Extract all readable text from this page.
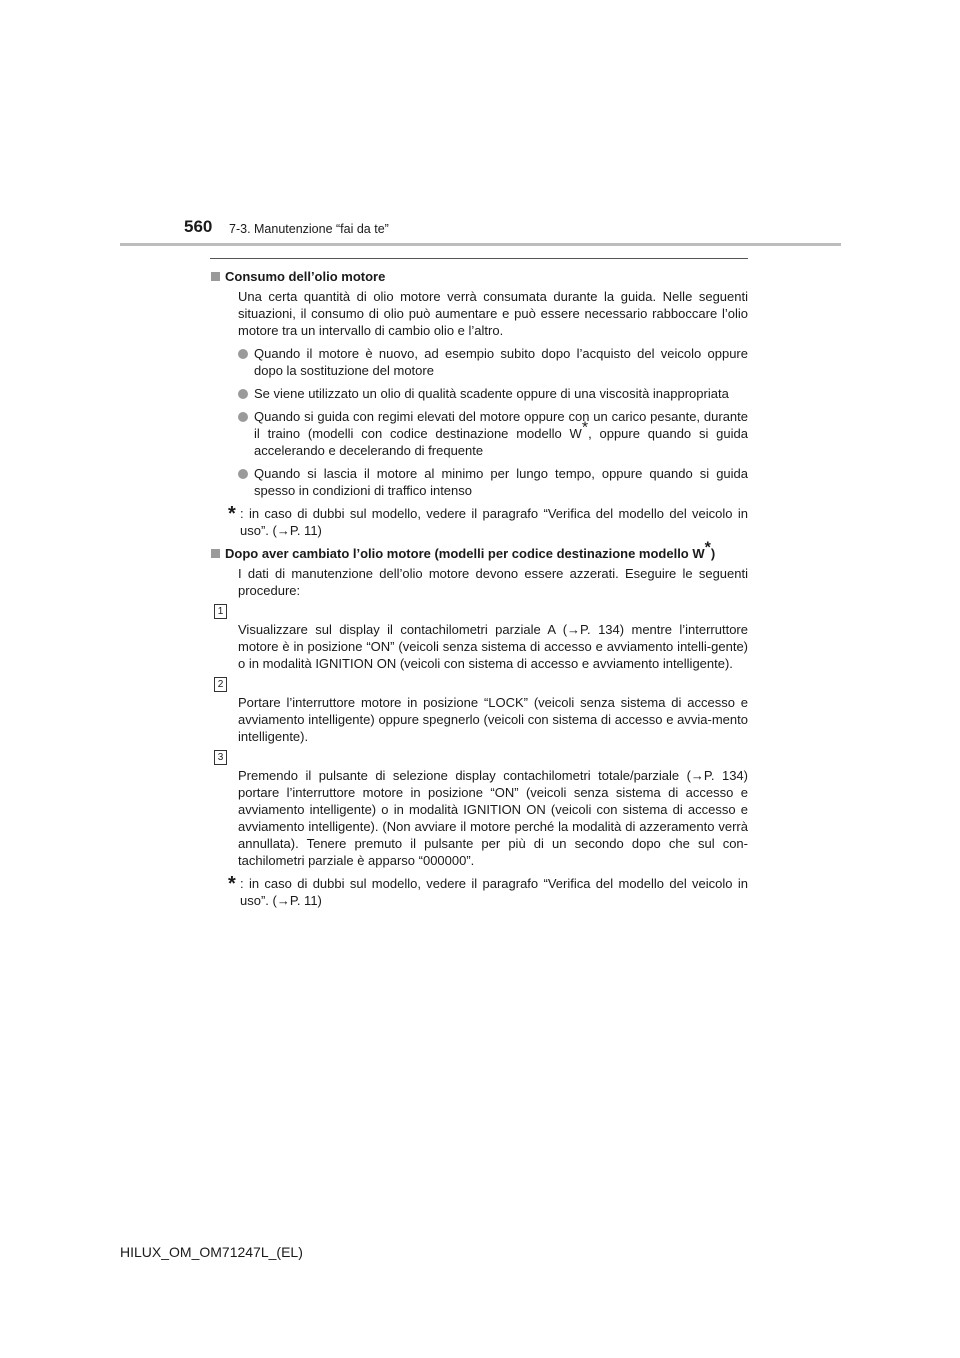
560 7-3. Manutenzione “fai da te”
Consumo dell’olio motore

Una certa quantità di olio motore verrà consumata durante la guida. Nelle seguenti situazioni, il consumo di olio può aumentare e può essere necessario rabboccare l’olio motore tra un intervallo di cambio olio e l’altro.

Quando il motore è nuovo, ad esempio subito dopo l’acquisto del veicolo oppure dopo la sostituzione del motore
Se viene utilizzato un olio di qualità scadente oppure di una viscosità inappropriata
Quando si guida con regimi elevati del motore oppure con un carico pesante, durante il traino (modelli con codice destinazione modello W*, oppure quando si guida accelerando e decelerando di frequente
Quando si lascia il motore al minimo per lungo tempo, oppure quando si guida spesso in condizioni di traffico intenso
* : in caso di dubbi sul modello, vedere il paragrafo “Verifica del modello del veicolo in uso”. (→P. 11)
Dopo aver cambiato l’olio motore (modelli per codice destinazione modello W*)

I dati di manutenzione dell’olio motore devono essere azzerati. Eseguire le seguenti procedure:

1
Visualizzare sul display il contachilometri parziale A (→P. 134) mentre l’interruttore motore è in posizione “ON” (veicoli senza sistema di accesso e avviamento intelli-gente) o in modalità IGNITION ON (veicoli con sistema di accesso e avviamento intelligente).
2
Portare l’interruttore motore in posizione “LOCK” (veicoli senza sistema di accesso e avviamento intelligente) oppure spegnerlo (veicoli con sistema di accesso e avvia-mento intelligente).
3
Premendo il pulsante di selezione display contachilometri totale/parziale (→P. 134) portare l’interruttore motore in posizione “ON” (veicoli senza sistema di accesso e avviamento intelligente) o in modalità IGNITION ON (veicoli con sistema di accesso e avviamento intelligente). (Non avviare il motore perché la modalità di azzeramento verrà annullata). Tenere premuto il pulsante per più di un secondo dopo che sul con-tachilometri parziale è apparso “000000”.
* : in caso di dubbi sul modello, vedere il paragrafo “Verifica del modello del veicolo in uso”. (→P. 11)
HILUX_OM_OM71247L_(EL)
